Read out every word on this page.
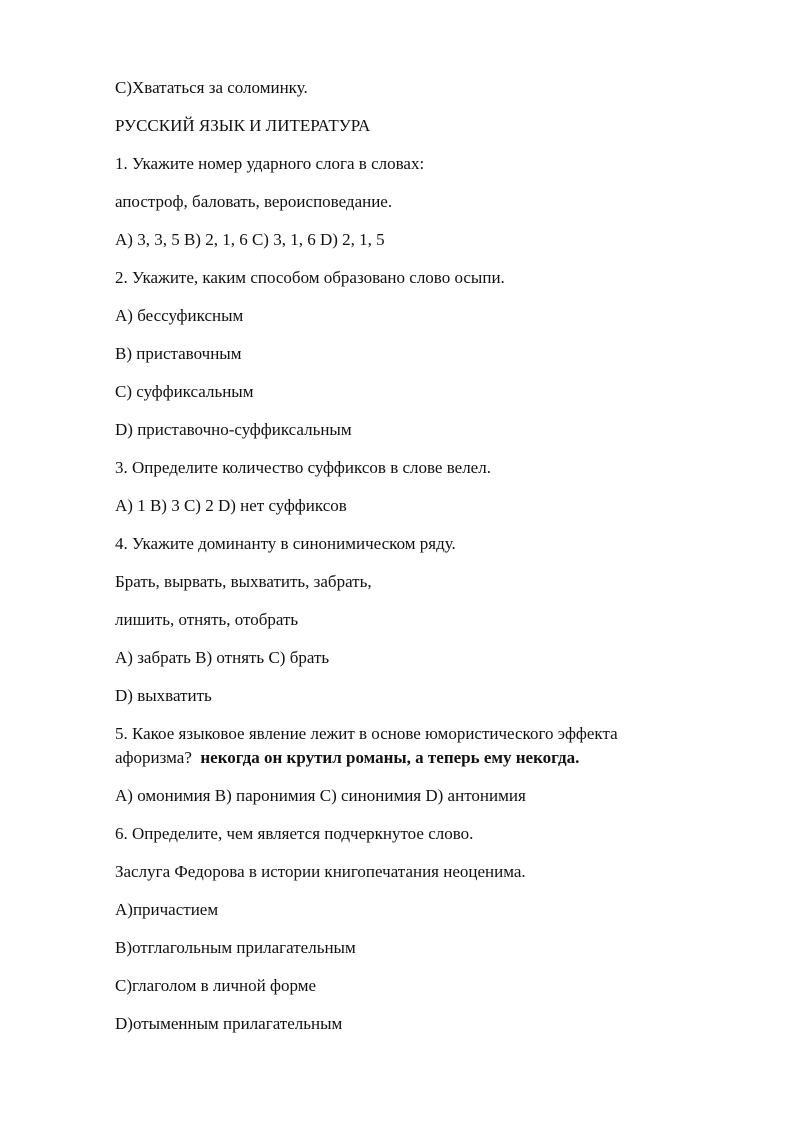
C)Хвататься за соломинку.

РУССКИЙ ЯЗЫК И ЛИТЕРАТУРА

1. Укажите номер ударного слога в словах:

апостроф, баловать, вероисповедание.

A) 3, 3, 5 B) 2, 1, 6 C) 3, 1, 6 D) 2, 1, 5

2. Укажите, каким способом образовано слово осыпи.

A) бессуфиксным

B) приставочным

C) суффиксальным

D) приставочно-суффиксальным

3. Определите количество суффиксов в слове велел.

A) 1 B) 3 C) 2 D) нет суффиксов

4. Укажите доминанту в синонимическом ряду.

Брать, вырвать, выхватить, забрать,

лишить, отнять, отобрать

A) забрать B) отнять C) брать

D) выхватить

5. Какое языковое явление лежит в основе юмористического эффекта афоризма? некогда он крутил романы, а теперь ему некогда.

A) омонимия B) паронимия C) синонимия D) антонимия

6. Определите, чем является подчеркнутое слово.

Заслуга Федорова в истории книгопечатания неоценима.

A)причастием

B)отглагольным прилагательным

C)глаголом в личной форме

D)отыменным прилагательным
